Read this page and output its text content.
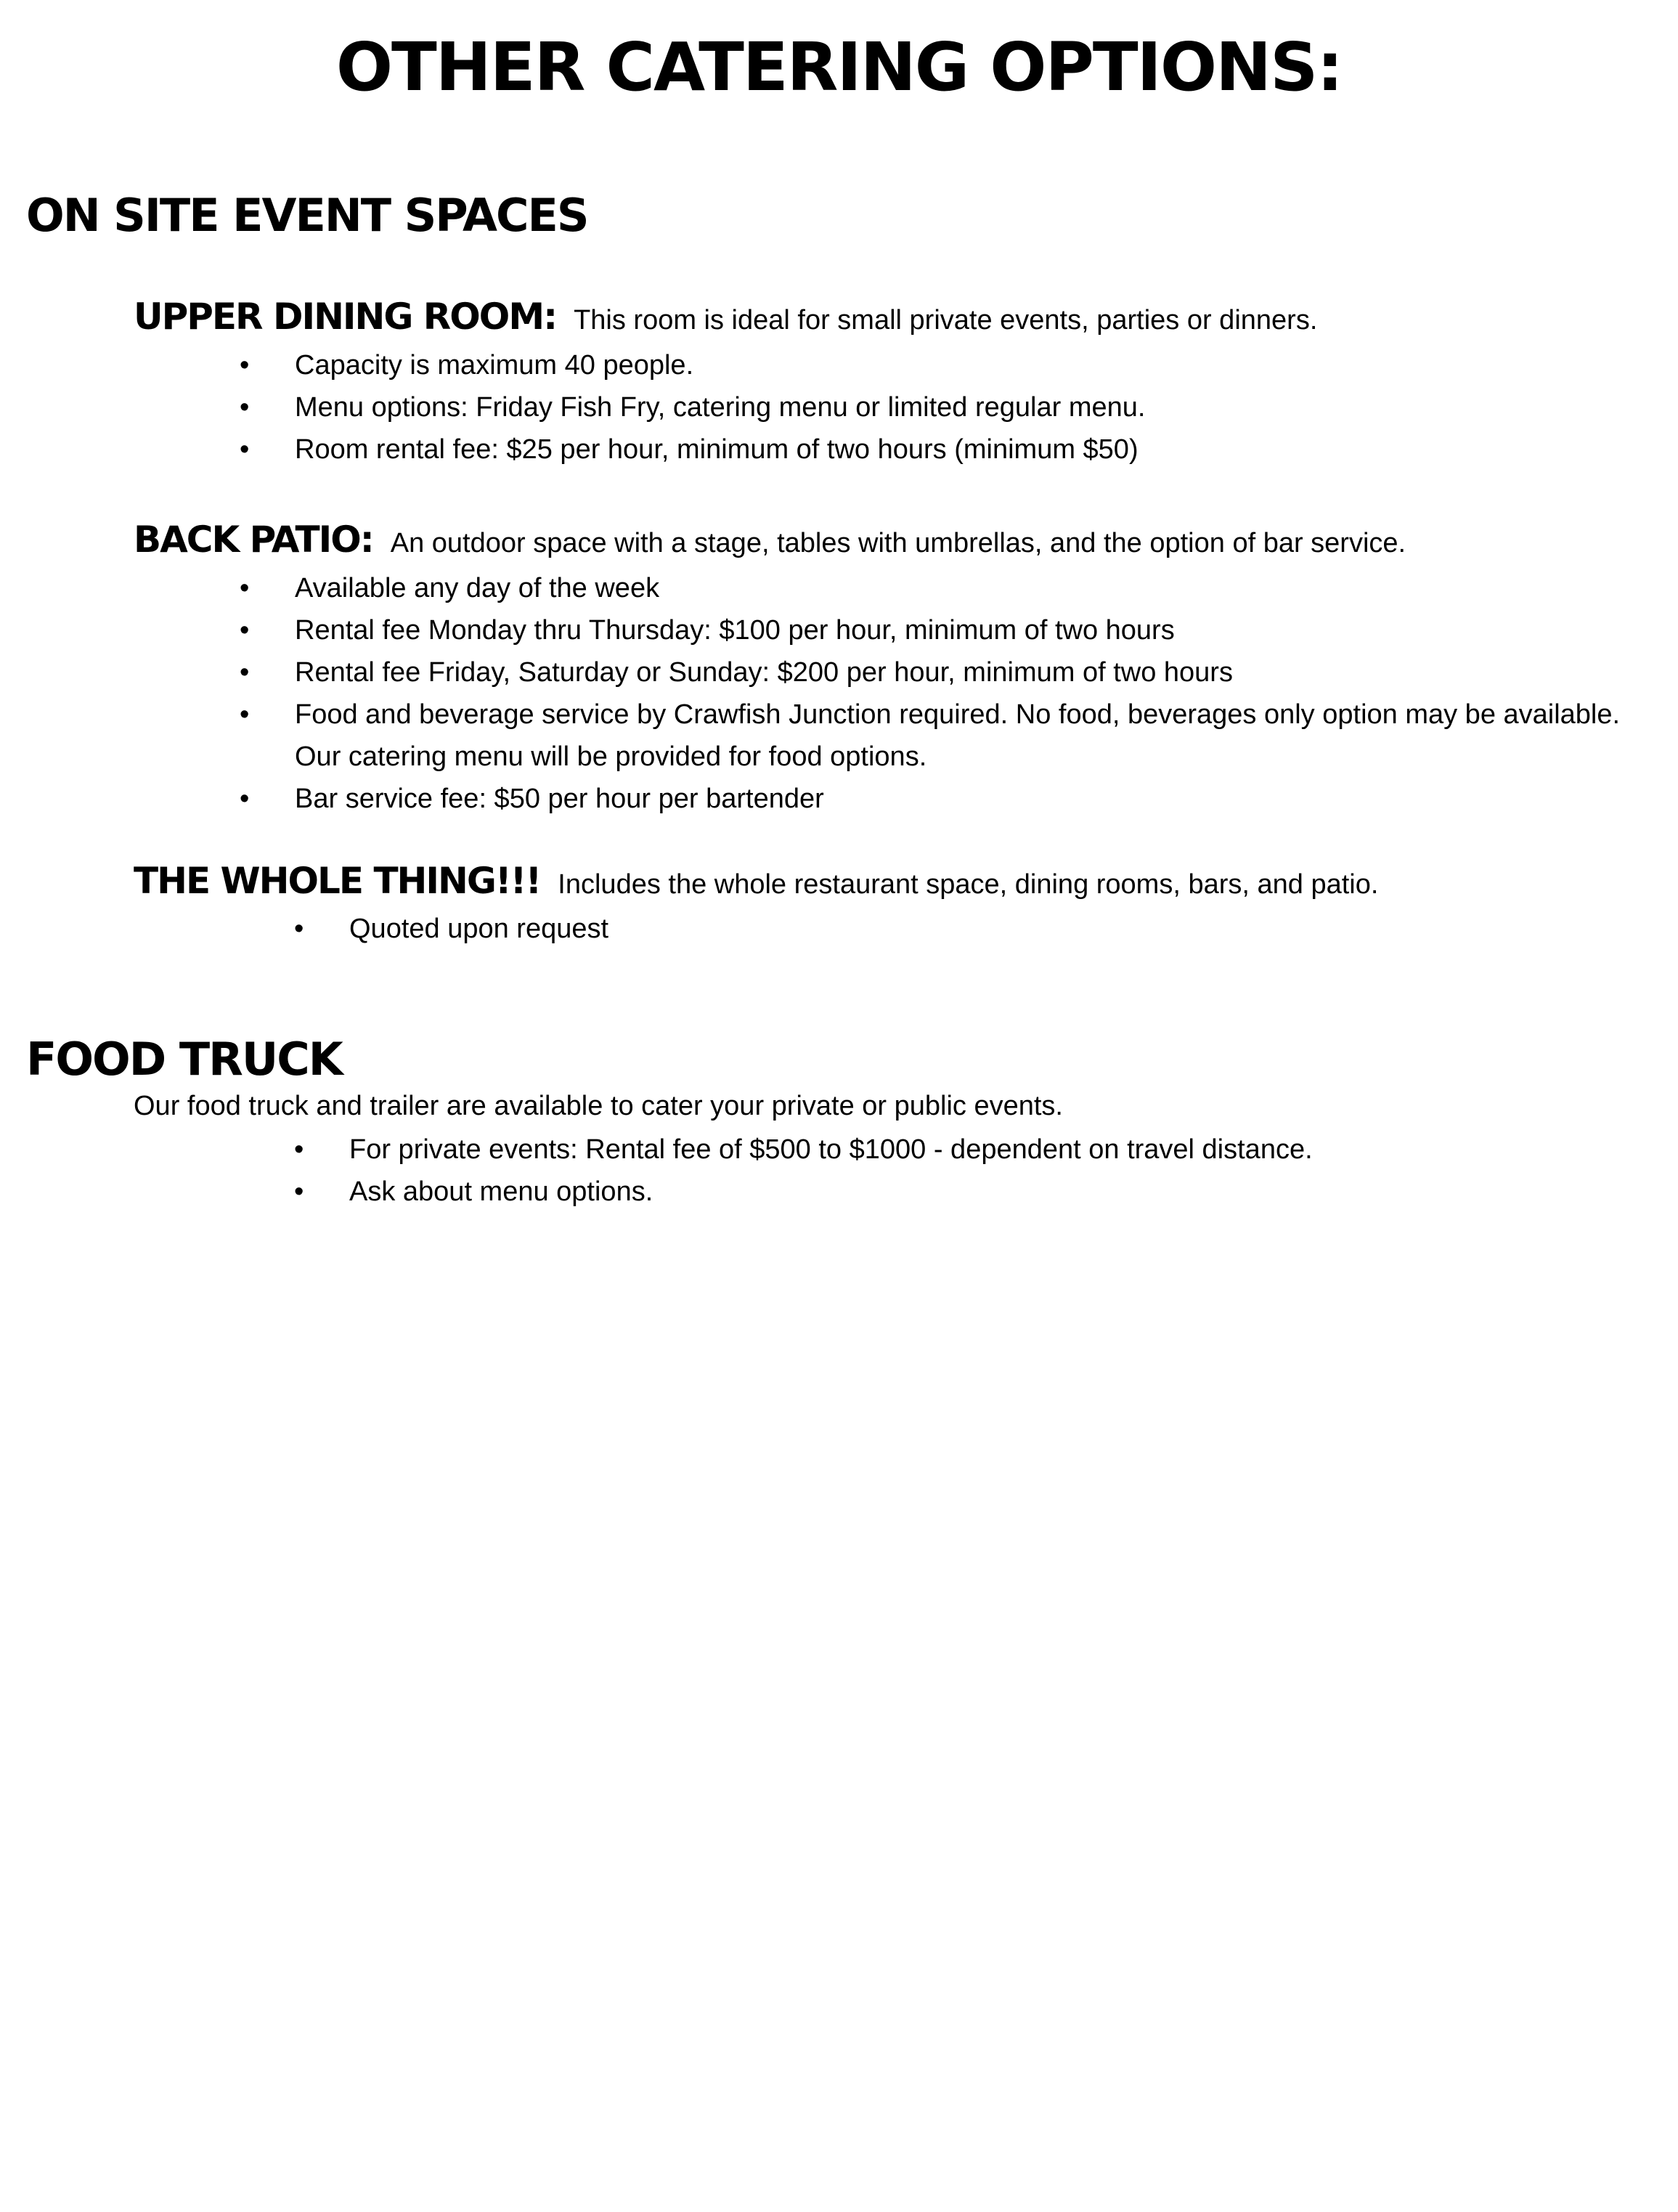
OTHER CATERING OPTIONS:
ON SITE EVENT SPACES
UPPER DINING ROOM: This room is ideal for small private events, parties or dinners.
•	Capacity is maximum 40 people.
•	Menu options: Friday Fish Fry, catering menu or limited regular menu.
•	Room rental fee: $25 per hour, minimum of two hours (minimum $50)
BACK PATIO: An outdoor space with a stage, tables with umbrellas, and the option of bar service.
•	Available any day of the week
•	Rental fee Monday thru Thursday: $100 per hour, minimum of two hours
•	Rental fee Friday, Saturday or Sunday: $200 per hour, minimum of two hours
•	Food and beverage service by Crawfish Junction required. No food, beverages only option may be available. Our catering menu will be provided for food options.
•	Bar service fee: $50 per hour per bartender
THE WHOLE THING!!! Includes the whole restaurant space, dining rooms, bars, and patio.
•	Quoted upon request
FOOD TRUCK
Our food truck and trailer are available to cater your private or public events.
•	For private events: Rental fee of $500 to $1000 - dependent on travel distance.
•	Ask about menu options.
